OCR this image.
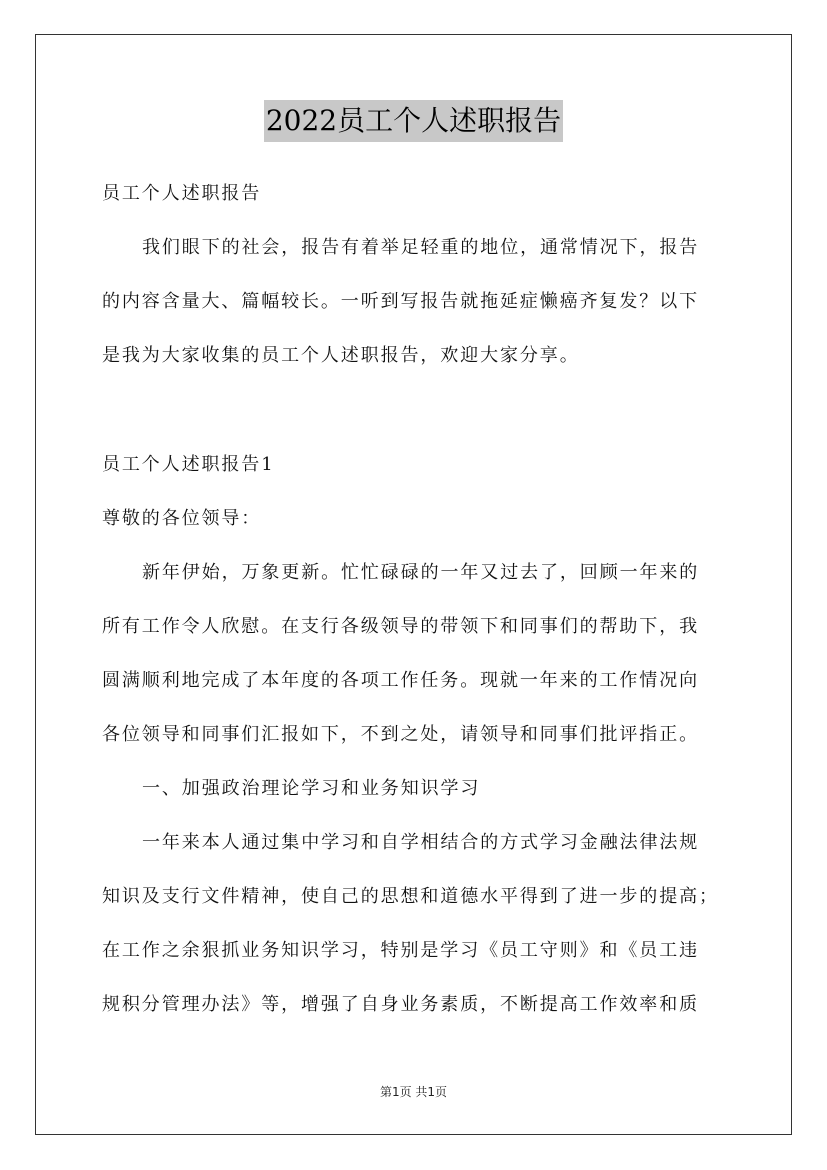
2022员工个人述职报告
员工个人述职报告
我们眼下的社会，报告有着举足轻重的地位，通常情况下，报告
的内容含量大、篇幅较长。一听到写报告就拖延症懒癌齐复发？以下
是我为大家收集的员工个人述职报告，欢迎大家分享。
员工个人述职报告1
尊敬的各位领导：
新年伊始，万象更新。忙忙碌碌的一年又过去了，回顾一年来的
所有工作令人欣慰。在支行各级领导的带领下和同事们的帮助下，我
圆满顺利地完成了本年度的各项工作任务。现就一年来的工作情况向
各位领导和同事们汇报如下，不到之处，请领导和同事们批评指正。
一、加强政治理论学习和业务知识学习
一年来本人通过集中学习和自学相结合的方式学习金融法律法规
知识及支行文件精神，使自己的思想和道德水平得到了进一步的提高；
在工作之余狠抓业务知识学习，特别是学习《员工守则》和《员工违
规积分管理办法》等，增强了自身业务素质，不断提高工作效率和质
第1页 共1页
